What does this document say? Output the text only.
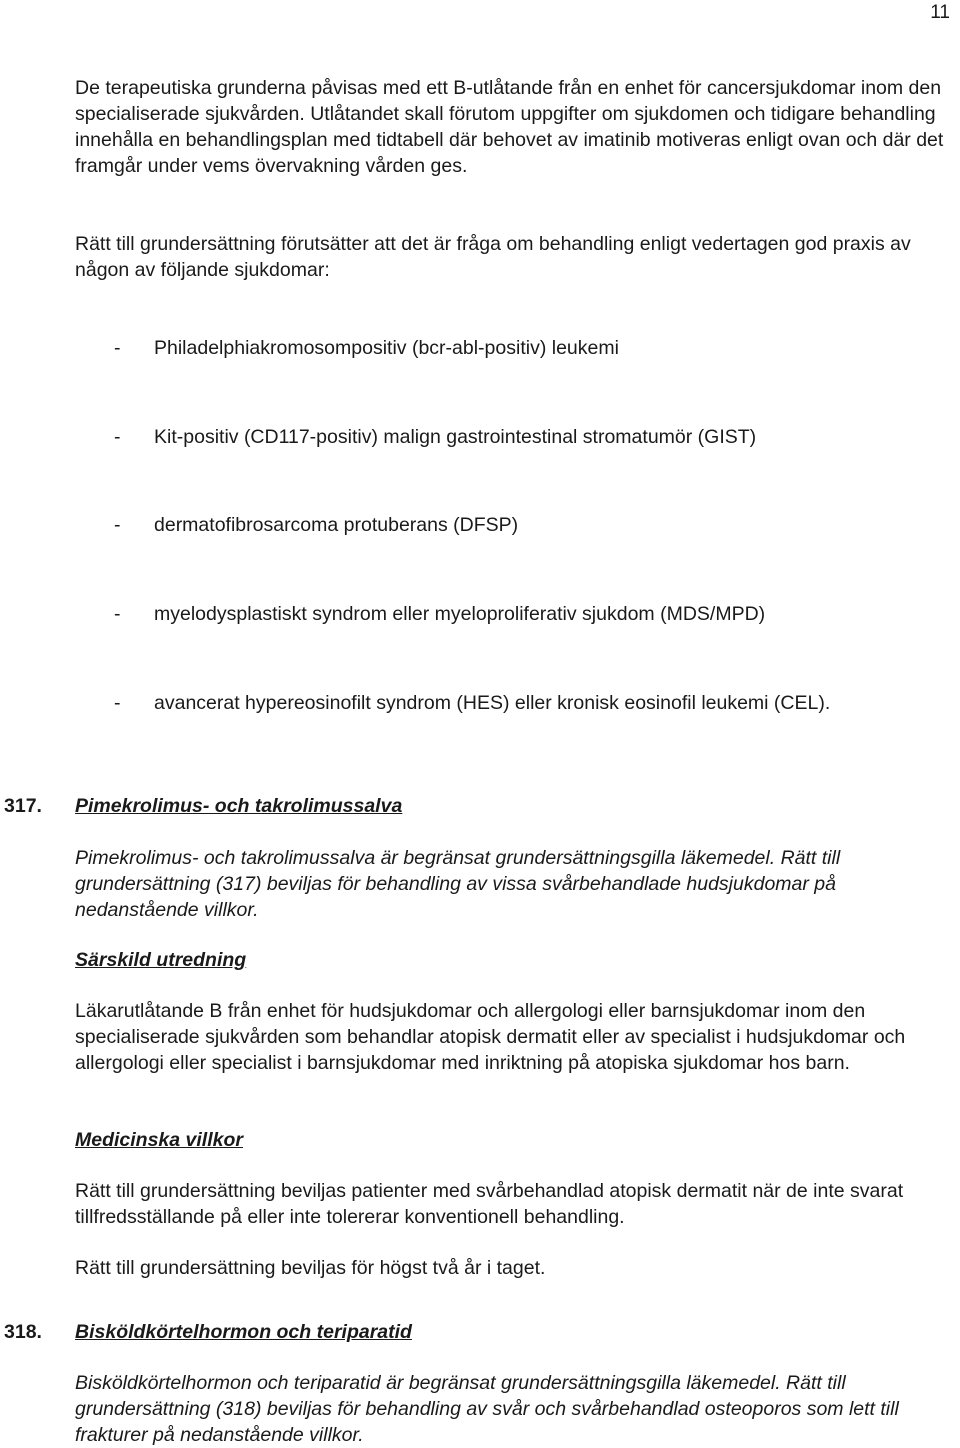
11

De terapeutiska grunderna påvisas med ett B-utlåtande från en enhet för cancersjukdomar inom den specialiserade sjukvården. Utlåtandet skall förutom uppgifter om sjukdomen och tidigare behandling innehålla en behandlingsplan med tidtabell där behovet av imatinib motiveras enligt ovan och där det framgår under vems övervakning vården ges.

Rätt till grundersättning förutsätter att det är fråga om behandling enligt vedertagen god praxis av någon av följande sjukdomar:

- Philadelphiakromosompositiv (bcr-abl-positiv) leukemi
- Kit-positiv (CD117-positiv) malign gastrointestinal stromatumör (GIST)
- dermatofibrosarcoma protuberans (DFSP)
- myelodysplastiskt syndrom eller myeloproliferativ sjukdom (MDS/MPD)
- avancerat hypereosinofilt syndrom (HES) eller kronisk eosinofil leukemi (CEL).
317. Pimekrolimus- och takrolimussalva

Pimekrolimus- och takrolimussalva är begränsat grundersättningsgilla läkemedel. Rätt till grundersättning (317) beviljas för behandling av vissa svårbehandlade hudsjukdomar på nedanstående villkor.

Särskild utredning

Läkarutlåtande B från enhet för hudsjukdomar och allergologi eller barnsjukdomar inom den specialiserade sjukvården som behandlar atopisk dermatit eller av specialist i hudsjukdomar och allergologi eller specialist i barnsjukdomar med inriktning på atopiska sjukdomar hos barn.

Medicinska villkor

Rätt till grundersättning beviljas patienter med svårbehandlad atopisk dermatit när de inte svarat tillfredsställande på eller inte tolererar konventionell behandling.

Rätt till grundersättning beviljas för högst två år i taget.

318. Bisköldkörtelhormon och teriparatid

Bisköldkörtelhormon och teriparatid är begränsat grundersättningsgilla läkemedel. Rätt till grundersättning (318) beviljas för behandling av svår och svårbehandlad osteoporos som lett till frakturer på nedanstående villkor.
